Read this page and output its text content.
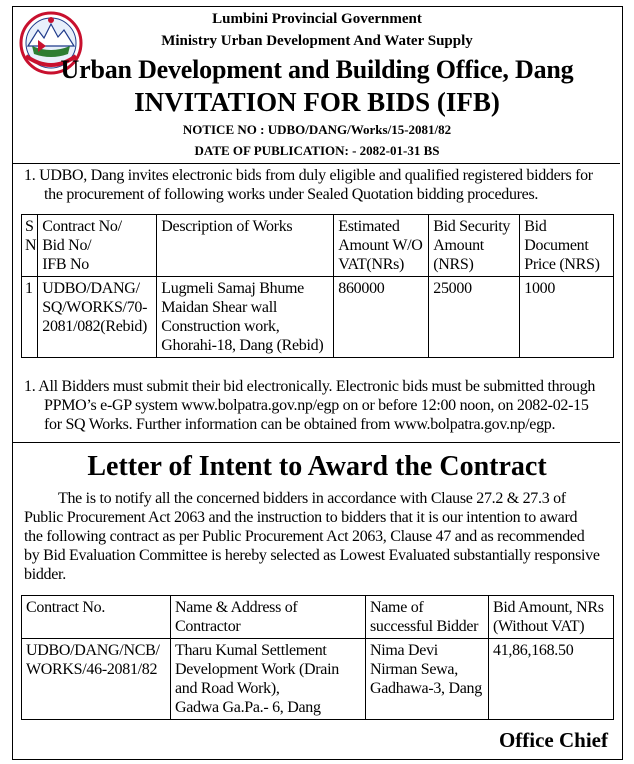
Lumbini Provincial Government
Ministry Urban Development And Water Supply
Urban Development and Building Office, Dang
INVITATION FOR BIDS (IFB)
NOTICE NO : UDBO/DANG/Works/15-2081/82
DATE OF PUBLICATION: - 2082-01-31 BS
1. UDBO, Dang invites electronic bids from duly eligible and qualified registered bidders for
the procurement of following works under Sealed Quotation bidding procedures.
S
N	Contract No/
Bid No/
IFB No	Description of Works	Estimated
Amount W/O
VAT(NRs)	Bid Security
Amount
(NRS)	Bid
Document
Price (NRS)

1	UDBO/DANG/
SQ/WORKS/70-
2081/082(Rebid)	Lugmeli Samaj Bhume
Maidan Shear wall
Construction work,
Ghorahi-18, Dang (Rebid)	860000	25000	1000
1. All Bidders must submit their bid electronically. Electronic bids must be submitted through
PPMO’s e-GP system www.bolpatra.gov.np/egp on or before 12:00 noon, on 2082-02-15
for SQ Works. Further information can be obtained from www.bolpatra.gov.np/egp.
Letter of Intent to Award the Contract
The is to notify all the concerned bidders in accordance with Clause 27.2 & 27.3 of
Public Procurement Act 2063 and the instruction to bidders that it is our intention to award
the following contract as per Public Procurement Act 2063, Clause 47 and as recommended
by Bid Evaluation Committee is hereby selected as Lowest Evaluated substantially responsive
bidder.
Contract No.	Name & Address of
Contractor	Name of
successful Bidder	Bid Amount, NRs
(Without VAT)

UDBO/DANG/NCB/
WORKS/46-2081/82	Tharu Kumal Settlement
Development Work (Drain
and Road Work),
Gadwa Ga.Pa.- 6, Dang	Nima Devi
Nirman Sewa,
Gadhawa-3, Dang	41,86,168.50
Office Chief
